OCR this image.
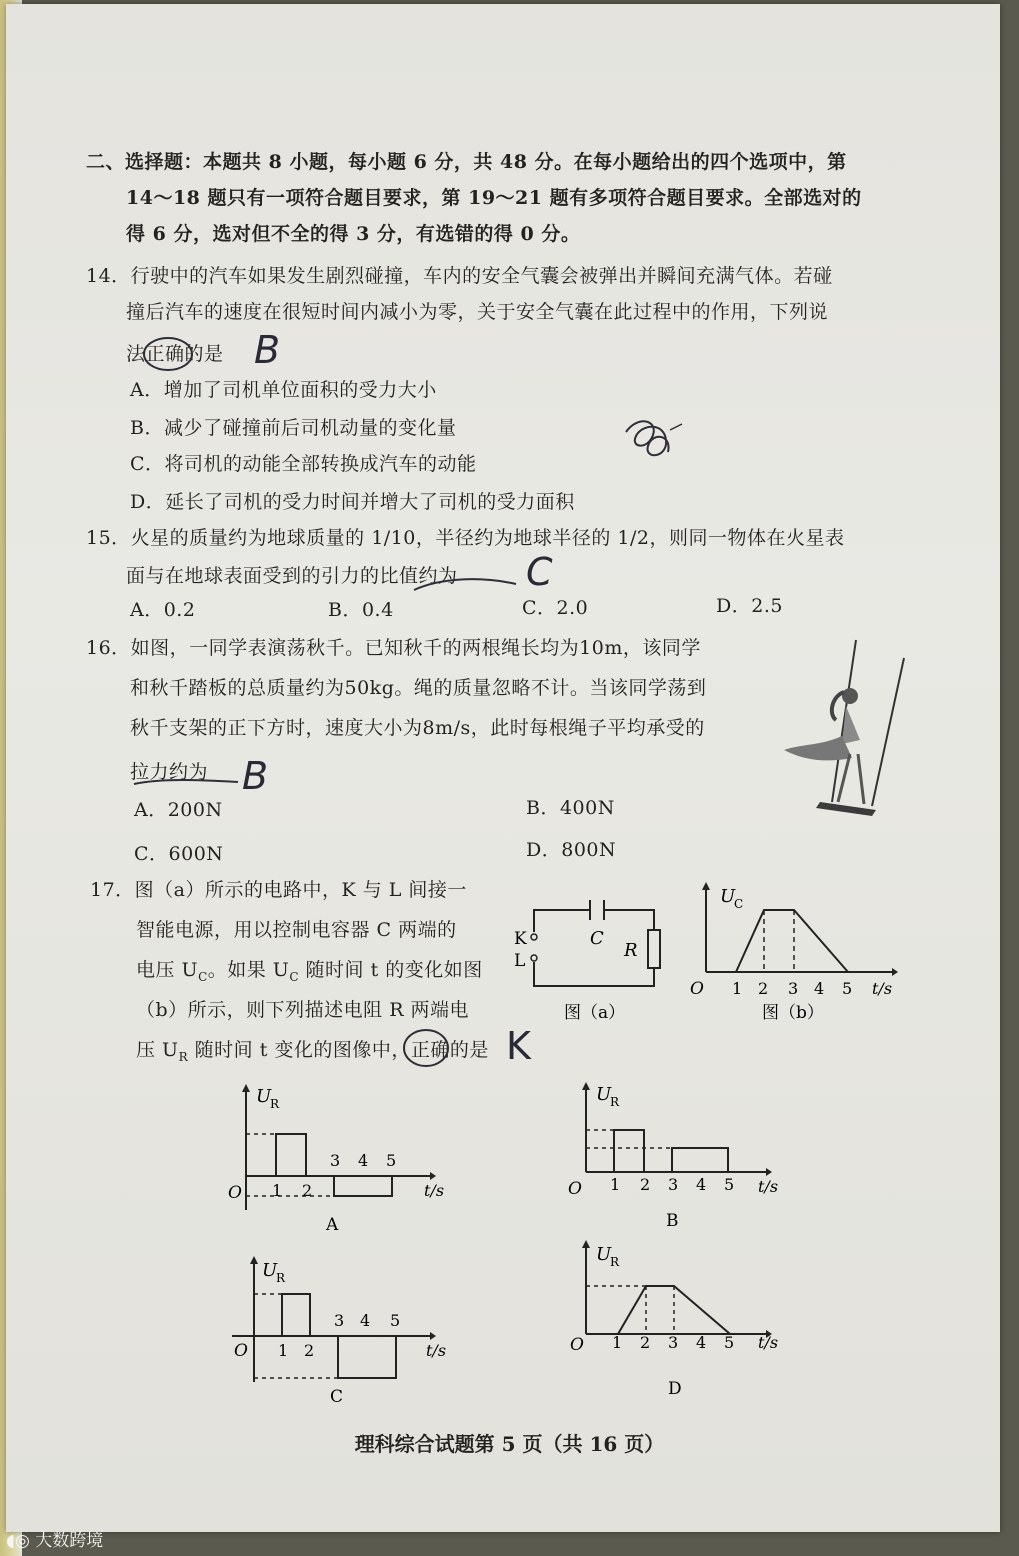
二、选择题：本题共 8 小题，每小题 6 分，共 48 分。在每小题给出的四个选项中，第
14～18 题只有一项符合题目要求，第 19～21 题有多项符合题目要求。全部选对的
得 6 分，选对但不全的得 3 分，有选错的得 0 分。
14．行驶中的汽车如果发生剧烈碰撞，车内的安全气囊会被弹出并瞬间充满气体。若碰
撞后汽车的速度在很短时间内减小为零，关于安全气囊在此过程中的作用，下列说
法正确的是 B
A．增加了司机单位面积的受力大小
B．减少了碰撞前后司机动量的变化量
C．将司机的动能全部转换成汽车的动能
D．延长了司机的受力时间并增大了司机的受力面积
15．火星的质量约为地球质量的 1/10，半径约为地球半径的 1/2，则同一物体在火星表
面与在地球表面受到的引力的比值约为 C
A．0.2	B．0.4	C．2.0	D．2.5
16．如图，一同学表演荡秋千。已知秋千的两根绳长均为10m，该同学
和秋千踏板的总质量约为50kg。绳的质量忽略不计。当该同学荡到
秋千支架的正下方时，速度大小为8m/s，此时每根绳子平均承受的
拉力约为 B
A．200N	B．400N
C．600N	D．800N
17．图（a）所示的电路中，K 与 L 间接一
智能电源，用以控制电容器 C 两端的
电压 $U_C$。如果 $U_C$ 随时间 t 的变化如图
（b）所示，则下列描述电阻 R 两端电
压 $U_R$ 随时间 t 变化的图像中，正确的是 K
K
L
C
R
图（a）
U
C
O 1 2 3 4 5 t/s
图（b）
U
R
O 1 2
3 4 5
t/s
A
U
R
O 1 2 3 4 5 t/s
B
U
R
O 1 2
3 4 5
t/s
C
U
R
O 1 2 3 4 5 t/s
D
理科综合试题第 5 页（共 16 页）
◖◎ 大数跨境
